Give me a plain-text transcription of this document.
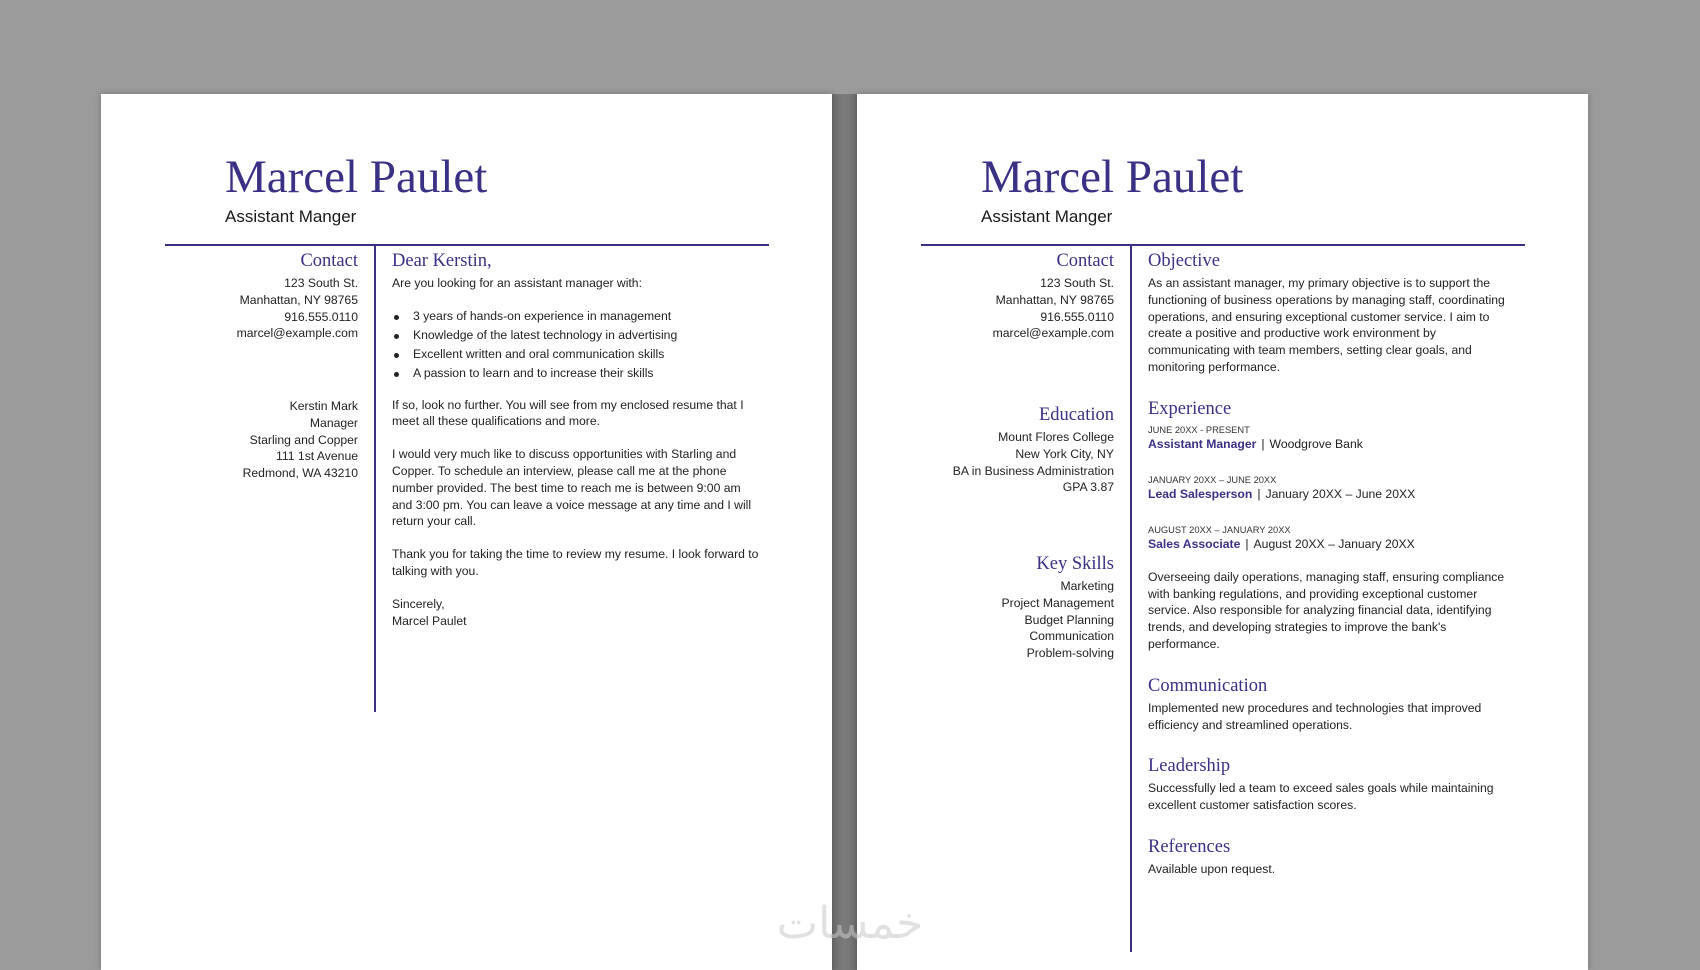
Marcel Paulet
Assistant Manger
Contact
123 South St.
Manhattan, NY 98765
916.555.0110
marcel@example.com
Kerstin Mark
Manager
Starling and Copper
111 1st Avenue
Redmond, WA 43210
Dear Kerstin,

Are you looking for an assistant manager with:

3 years of hands-on experience in management
Knowledge of the latest technology in advertising
Excellent written and oral communication skills
A passion to learn and to increase their skills

If so, look no further. You will see from my enclosed resume that I meet all these qualifications and more.

I would very much like to discuss opportunities with Starling and Copper. To schedule an interview, please call me at the phone number provided. The best time to reach me is between 9:00 am and 3:00 pm. You can leave a voice message at any time and I will return your call.

Thank you for taking the time to review my resume. I look forward to talking with you.

Sincerely,
Marcel Paulet
Marcel Paulet
Assistant Manger
Contact
123 South St.
Manhattan, NY 98765
916.555.0110
marcel@example.com
Education
Mount Flores College
New York City, NY
BA in Business Administration
GPA 3.87
Key Skills
Marketing
Project Management
Budget Planning
Communication
Problem-solving
Objective

As an assistant manager, my primary objective is to support the functioning of business operations by managing staff, coordinating operations, and ensuring exceptional customer service. I aim to create a positive and productive work environment by communicating with team members, setting clear goals, and monitoring performance.

Experience
JUNE 20XX - PRESENT
Assistant Manager | Woodgrove Bank
JANUARY 20XX – JUNE 20XX
Lead Salesperson | January 20XX – June 20XX
AUGUST 20XX – JANUARY 20XX
Sales Associate | August 20XX – January 20XX

Overseeing daily operations, managing staff, ensuring compliance with banking regulations, and providing exceptional customer service. Also responsible for analyzing financial data, identifying trends, and developing strategies to improve the bank's performance.

Communication

Implemented new procedures and technologies that improved efficiency and streamlined operations.

Leadership

Successfully led a team to exceed sales goals while maintaining excellent customer satisfaction scores.

References

Available upon request.

خمسات
